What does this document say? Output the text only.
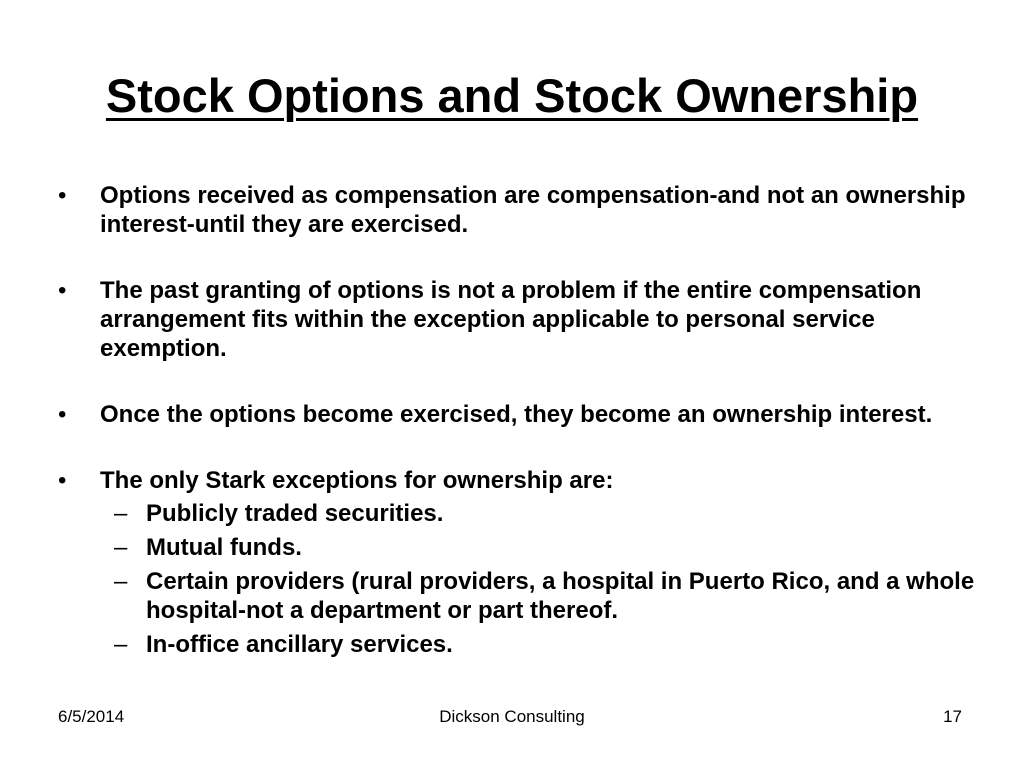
Stock Options and Stock Ownership
• Options received as compensation are compensation-and not an ownership interest-until they are exercised.
• The past granting of options is not a problem if the entire compensation arrangement fits within the exception applicable to personal service exemption.
• Once the options become exercised, they become an ownership interest.
• The only Stark exceptions for ownership are:
– Publicly traded securities.
– Mutual funds.
– Certain providers (rural providers, a hospital in Puerto Rico, and a whole hospital-not a department or part thereof.
– In-office ancillary services.
6/5/2014	Dickson Consulting	17
